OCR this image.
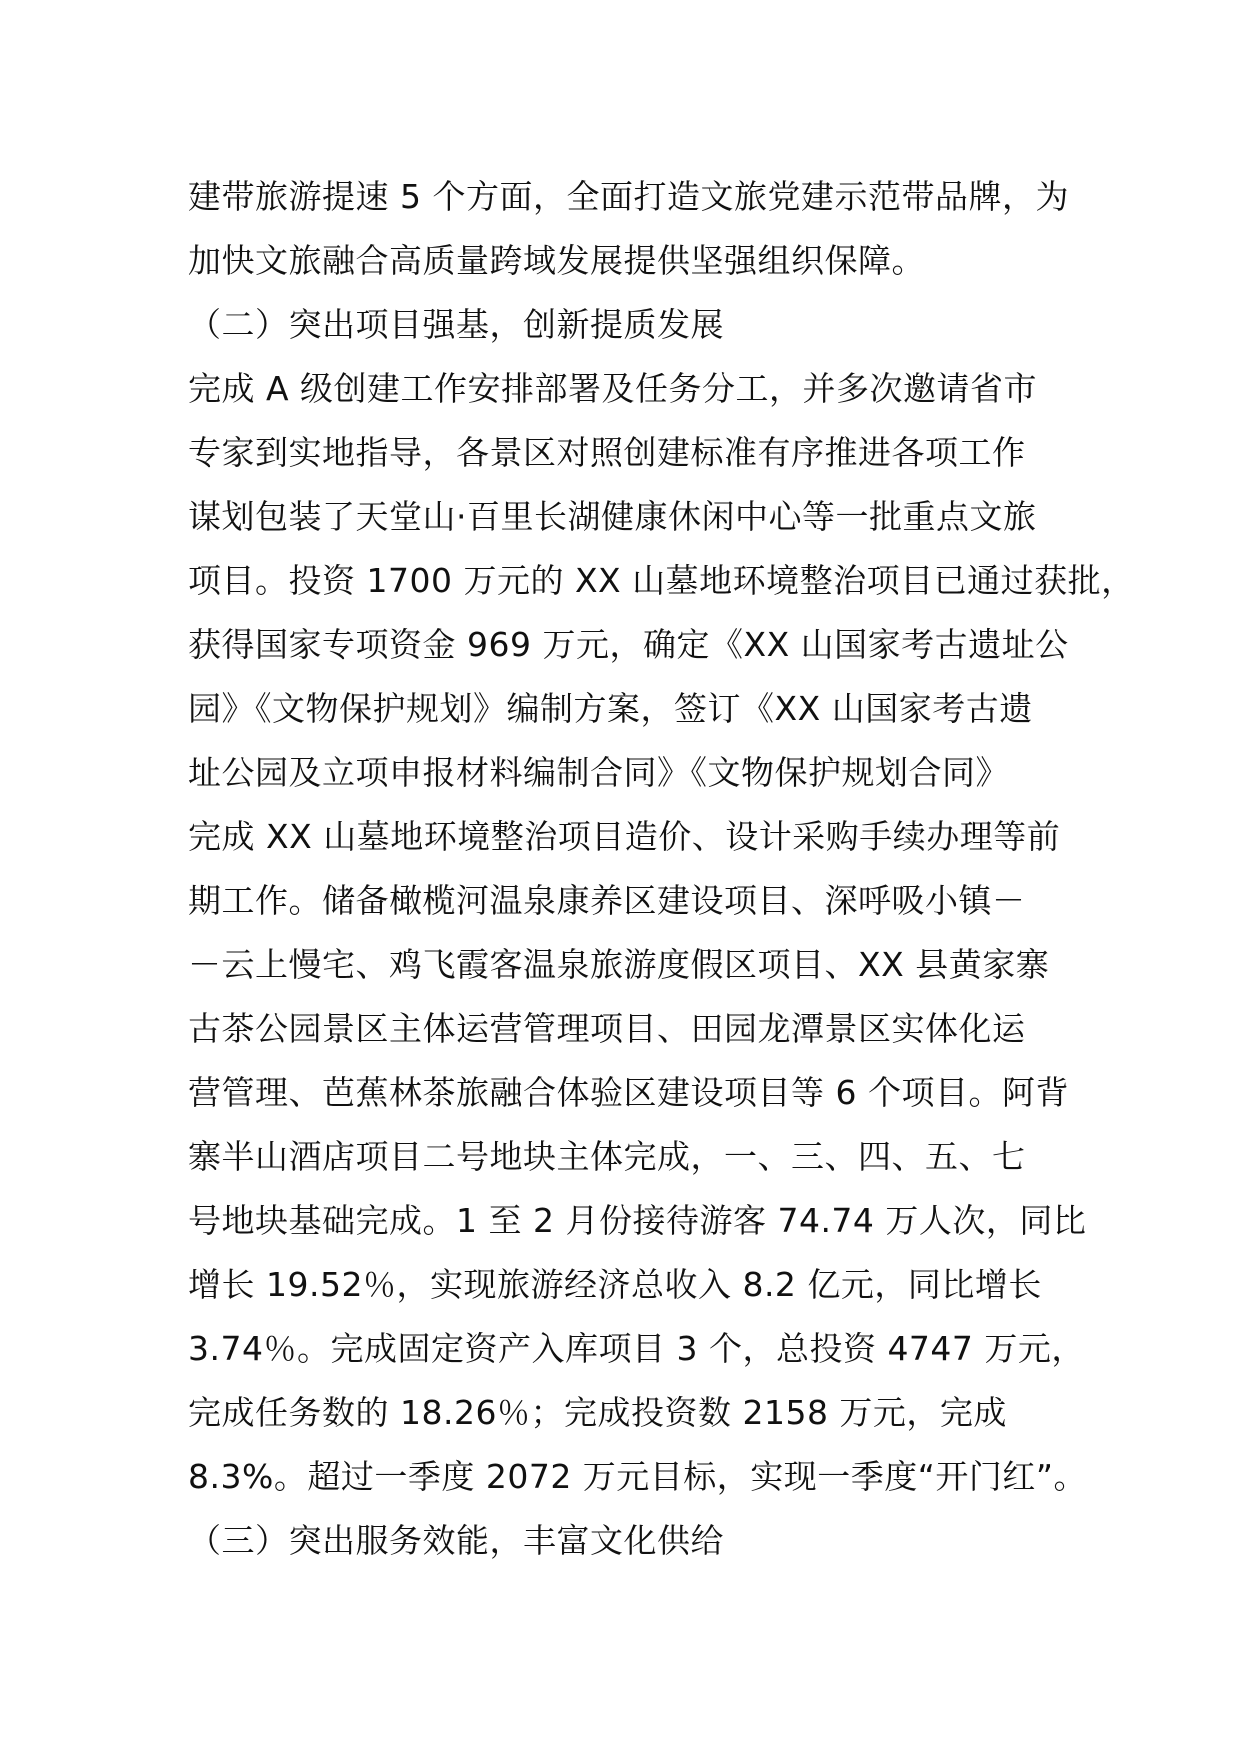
建带旅游提速 5 个方面，全面打造文旅党建示范带品牌，为
加快文旅融合高质量跨域发展提供坚强组织保障。
（二）突出项目强基，创新提质发展
完成 A 级创建工作安排部署及任务分工，并多次邀请省市
专家到实地指导，各景区对照创建标准有序推进各项工作
谋划包装了天堂山·百里长湖健康休闲中心等一批重点文旅
项目。投资 1700 万元的 XX 山墓地环境整治项目已通过获批，
获得国家专项资金 969 万元，确定《XX 山国家考古遗址公
园》《文物保护规划》编制方案，签订《XX 山国家考古遗
址公园及立项申报材料编制合同》《文物保护规划合同》
完成 XX 山墓地环境整治项目造价、设计采购手续办理等前
期工作。储备橄榄河温泉康养区建设项目、深呼吸小镇－
－云上慢宅、鸡飞霞客温泉旅游度假区项目、XX 县黄家寨
古茶公园景区主体运营管理项目、田园龙潭景区实体化运
营管理、芭蕉林茶旅融合体验区建设项目等 6 个项目。阿背
寨半山酒店项目二号地块主体完成，一、三、四、五、七
号地块基础完成。1 至 2 月份接待游客 74.74 万人次，同比
增长 19.52％，实现旅游经济总收入 8.2 亿元，同比增长
3.74％。完成固定资产入库项目 3 个，总投资 4747 万元，
完成任务数的 18.26％；完成投资数 2158 万元，完成
8.3%。超过一季度 2072 万元目标，实现一季度“开门红”。
（三）突出服务效能，丰富文化供给
